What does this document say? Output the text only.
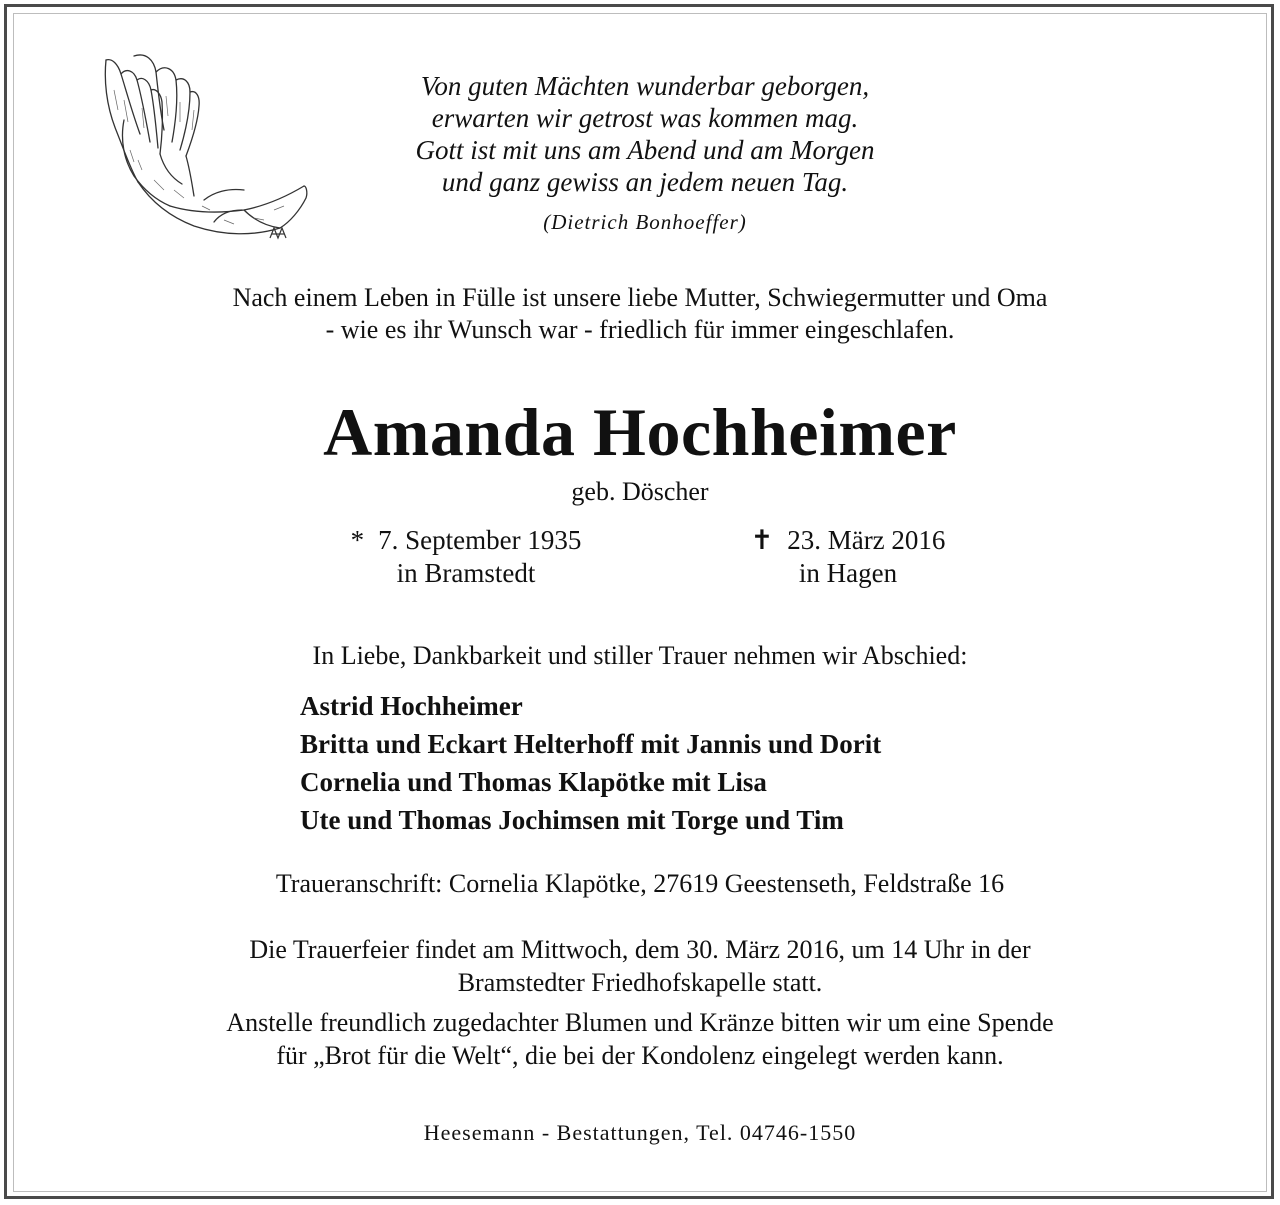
Von guten Mächten wunderbar geborgen,
erwarten wir getrost was kommen mag.
Gott ist mit uns am Abend und am Morgen
und ganz gewiss an jedem neuen Tag.
(Dietrich Bonhoeffer)
Nach einem Leben in Fülle ist unsere liebe Mutter, Schwiegermutter und Oma
- wie es ihr Wunsch war - friedlich für immer eingeschlafen.
Amanda Hochheimer
geb. Döscher
* 7. September 1935
in Bramstedt
✝ 23. März 2016
in Hagen
In Liebe, Dankbarkeit und stiller Trauer nehmen wir Abschied:
Astrid Hochheimer
Britta und Eckart Helterhoff mit Jannis und Dorit
Cornelia und Thomas Klapötke mit Lisa
Ute und Thomas Jochimsen mit Torge und Tim
Traueranschrift: Cornelia Klapötke, 27619 Geestenseth, Feldstraße 16
Die Trauerfeier findet am Mittwoch, dem 30. März 2016, um 14 Uhr in der
Bramstedter Friedhofskapelle statt.
Anstelle freundlich zugedachter Blumen und Kränze bitten wir um eine Spende
für „Brot für die Welt“, die bei der Kondolenz eingelegt werden kann.
Heesemann - Bestattungen, Tel. 04746-1550
